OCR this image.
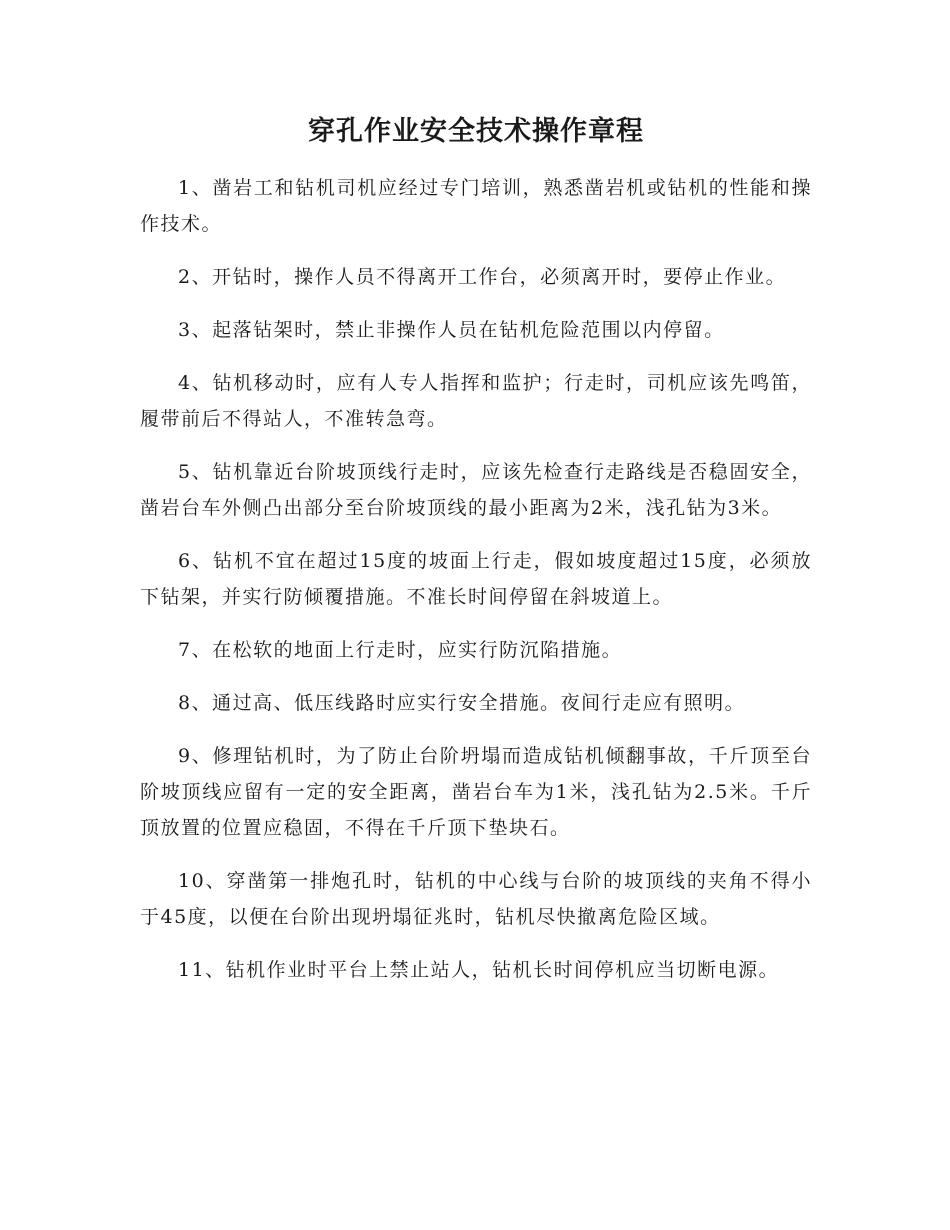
穿孔作业安全技术操作章程

1、凿岩工和钻机司机应经过专门培训，熟悉凿岩机或钻机的性能和操作技术。

2、开钻时，操作人员不得离开工作台，必须离开时，要停止作业。

3、起落钻架时，禁止非操作人员在钻机危险范围以内停留。

4、钻机移动时，应有人专人指挥和监护；行走时，司机应该先鸣笛，履带前后不得站人，不准转急弯。

5、钻机靠近台阶坡顶线行走时，应该先检查行走路线是否稳固安全，凿岩台车外侧凸出部分至台阶坡顶线的最小距离为2米，浅孔钻为3米。

6、钻机不宜在超过15度的坡面上行走，假如坡度超过15度，必须放下钻架，并实行防倾覆措施。不准长时间停留在斜坡道上。

7、在松软的地面上行走时，应实行防沉陷措施。

8、通过高、低压线路时应实行安全措施。夜间行走应有照明。

9、修理钻机时，为了防止台阶坍塌而造成钻机倾翻事故，千斤顶至台阶坡顶线应留有一定的安全距离，凿岩台车为1米，浅孔钻为2.5米。千斤顶放置的位置应稳固，不得在千斤顶下垫块石。

10、穿凿第一排炮孔时，钻机的中心线与台阶的坡顶线的夹角不得小于45度，以便在台阶出现坍塌征兆时，钻机尽快撤离危险区域。

11、钻机作业时平台上禁止站人，钻机长时间停机应当切断电源。
